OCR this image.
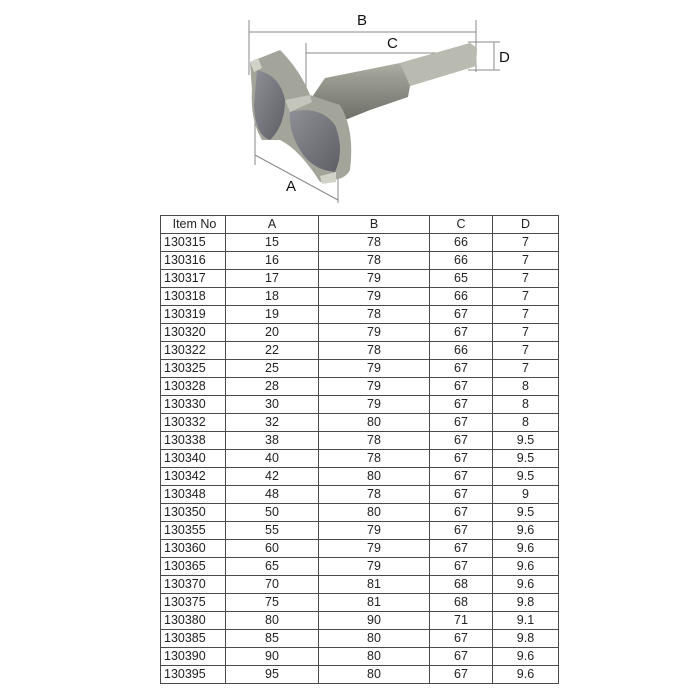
B
C
D
A
Item No	A	B	C	D
130315	15	78	66	7
130316	16	78	66	7
130317	17	79	65	7
130318	18	79	66	7
130319	19	78	67	7
130320	20	79	67	7
130322	22	78	66	7
130325	25	79	67	7
130328	28	79	67	8
130330	30	79	67	8
130332	32	80	67	8
130338	38	78	67	9.5
130340	40	78	67	9.5
130342	42	80	67	9.5
130348	48	78	67	9
130350	50	80	67	9.5
130355	55	79	67	9.6
130360	60	79	67	9.6
130365	65	79	67	9.6
130370	70	81	68	9.6
130375	75	81	68	9.8
130380	80	90	71	9.1
130385	85	80	67	9.8
130390	90	80	67	9.6
130395	95	80	67	9.6
